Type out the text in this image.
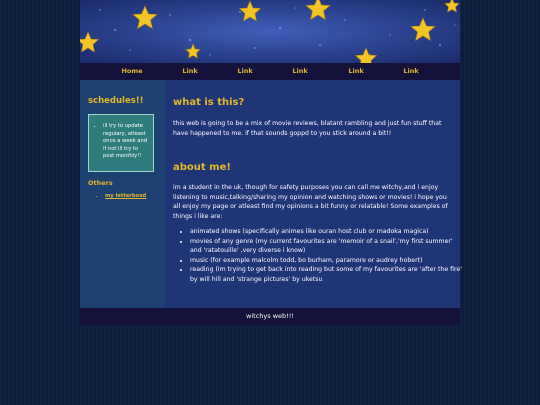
Home	Link	Link	Link	Link	Link
schedules!!
• ill try to update regulary, atleast once a week and if not ill try to post monthly!!
Others
• my letterboxd
what is this?

this web is going to be a mix of movie reviews, blatant rambling and just fun stuff that have happened to me. if that sounds goppd to you stick around a bit!!

about me!

im a student in the uk, though for safety purposes you can call me witchy,and i enjoy listening to music,talking/sharing my opinion and watching shows or movies! i hope you all enjoy my page or atleast find my opinions a bit funny or relatable! Some examples of things i like are:

• animated shows (specifically animes like ouran host club or madoka magica)
• movies of any genre (my current favourites are 'memoir of a snail','my first summer' and 'ratatouille' ,very diverse i know)
• music (for example malcolm todd, bo burham, paramore or audrey hobert)
• reading (im trying to get back into reading but some of my favourites are 'after the fire' by will hill and 'strange pictures' by uketsu
witchys web!!!
